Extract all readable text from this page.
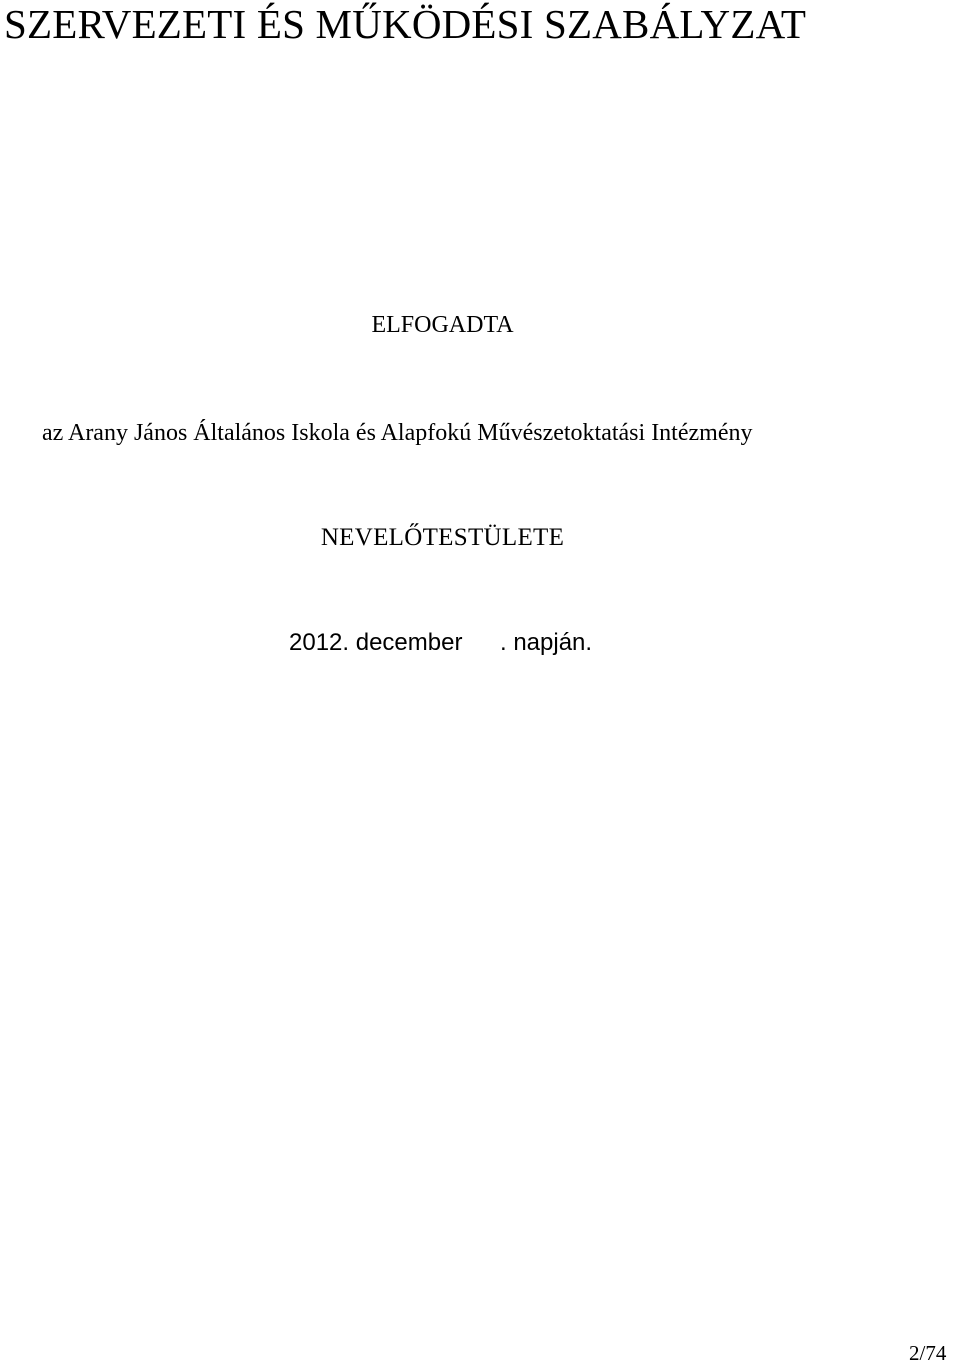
SZERVEZETI ÉS MŰKÖDÉSI SZABÁLYZAT

ELFOGADTA

az Arany János Általános Iskola és Alapfokú Művészetoktatási Intézmény

NEVELŐTESTÜLETE

2012. december . napján.
2/74
